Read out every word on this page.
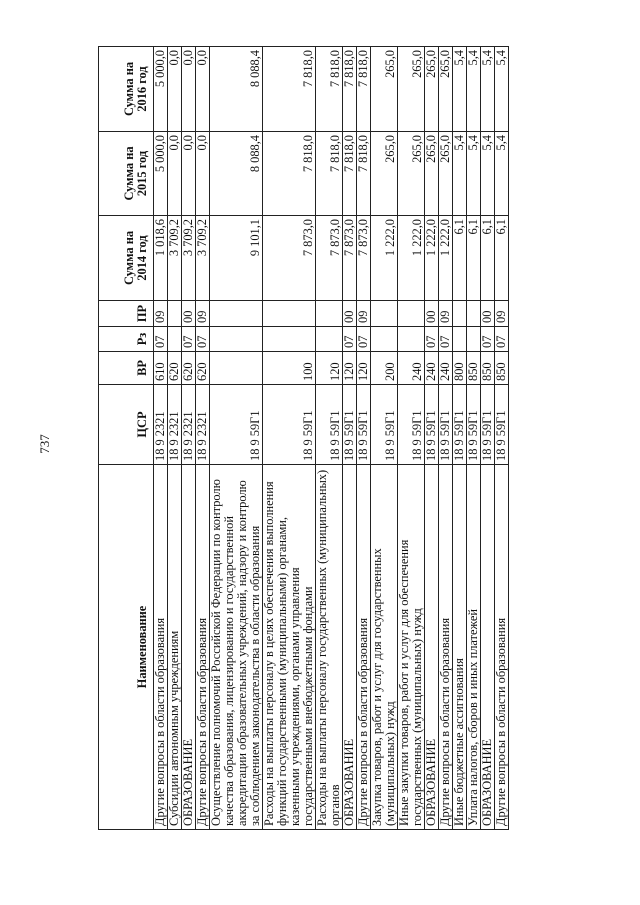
737
Наименование	ЦСР	ВР	Рз	ПР	Сумма на 2014 год	Сумма на 2015 год	Сумма на 2016 год
Другие вопросы в области образования	18 9 2321	610	07	09	1 018,6	5 000,0	5 000,0
Субсидии автономным учреждениям	18 9 2321	620			3 709,2	0,0	0,0
ОБРАЗОВАНИЕ	18 9 2321	620	07	00	3 709,2	0,0	0,0
Другие вопросы в области образования	18 9 2321	620	07	09	3 709,2	0,0	0,0
Осуществление полномочий Российской Федерации по контролю качества образования, лицензированию и государственной аккредитации образовательных учреждений, надзору и контролю за соблюдением законодательства в области образования	18 9 59Г1				9 101,1	8 088,4	8 088,4
Расходы на выплаты персоналу в целях обеспечения выполнения функций государственными (муниципальными) органами, казенными учреждениями, органами управления государственными внебюджетными фондами	18 9 59Г1	100			7 873,0	7 818,0	7 818,0
Расходы на выплаты персоналу государственных (муниципальных) органов	18 9 59Г1	120			7 873,0	7 818,0	7 818,0
ОБРАЗОВАНИЕ	18 9 59Г1	120	07	00	7 873,0	7 818,0	7 818,0
Другие вопросы в области образования	18 9 59Г1	120	07	09	7 873,0	7 818,0	7 818,0
Закупка товаров, работ и услуг для государственных (муниципальных) нужд	18 9 59Г1	200			1 222,0	265,0	265,0
Иные закупки товаров, работ и услуг для обеспечения государственных (муниципальных) нужд	18 9 59Г1	240			1 222,0	265,0	265,0
ОБРАЗОВАНИЕ	18 9 59Г1	240	07	00	1 222,0	265,0	265,0
Другие вопросы в области образования	18 9 59Г1	240	07	09	1 222,0	265,0	265,0
Иные бюджетные ассигнования	18 9 59Г1	800			6,1	5,4	5,4
Уплата налогов, сборов и иных платежей	18 9 59Г1	850			6,1	5,4	5,4
ОБРАЗОВАНИЕ	18 9 59Г1	850	07	00	6,1	5,4	5,4
Другие вопросы в области образования	18 9 59Г1	850	07	09	6,1	5,4	5,4
